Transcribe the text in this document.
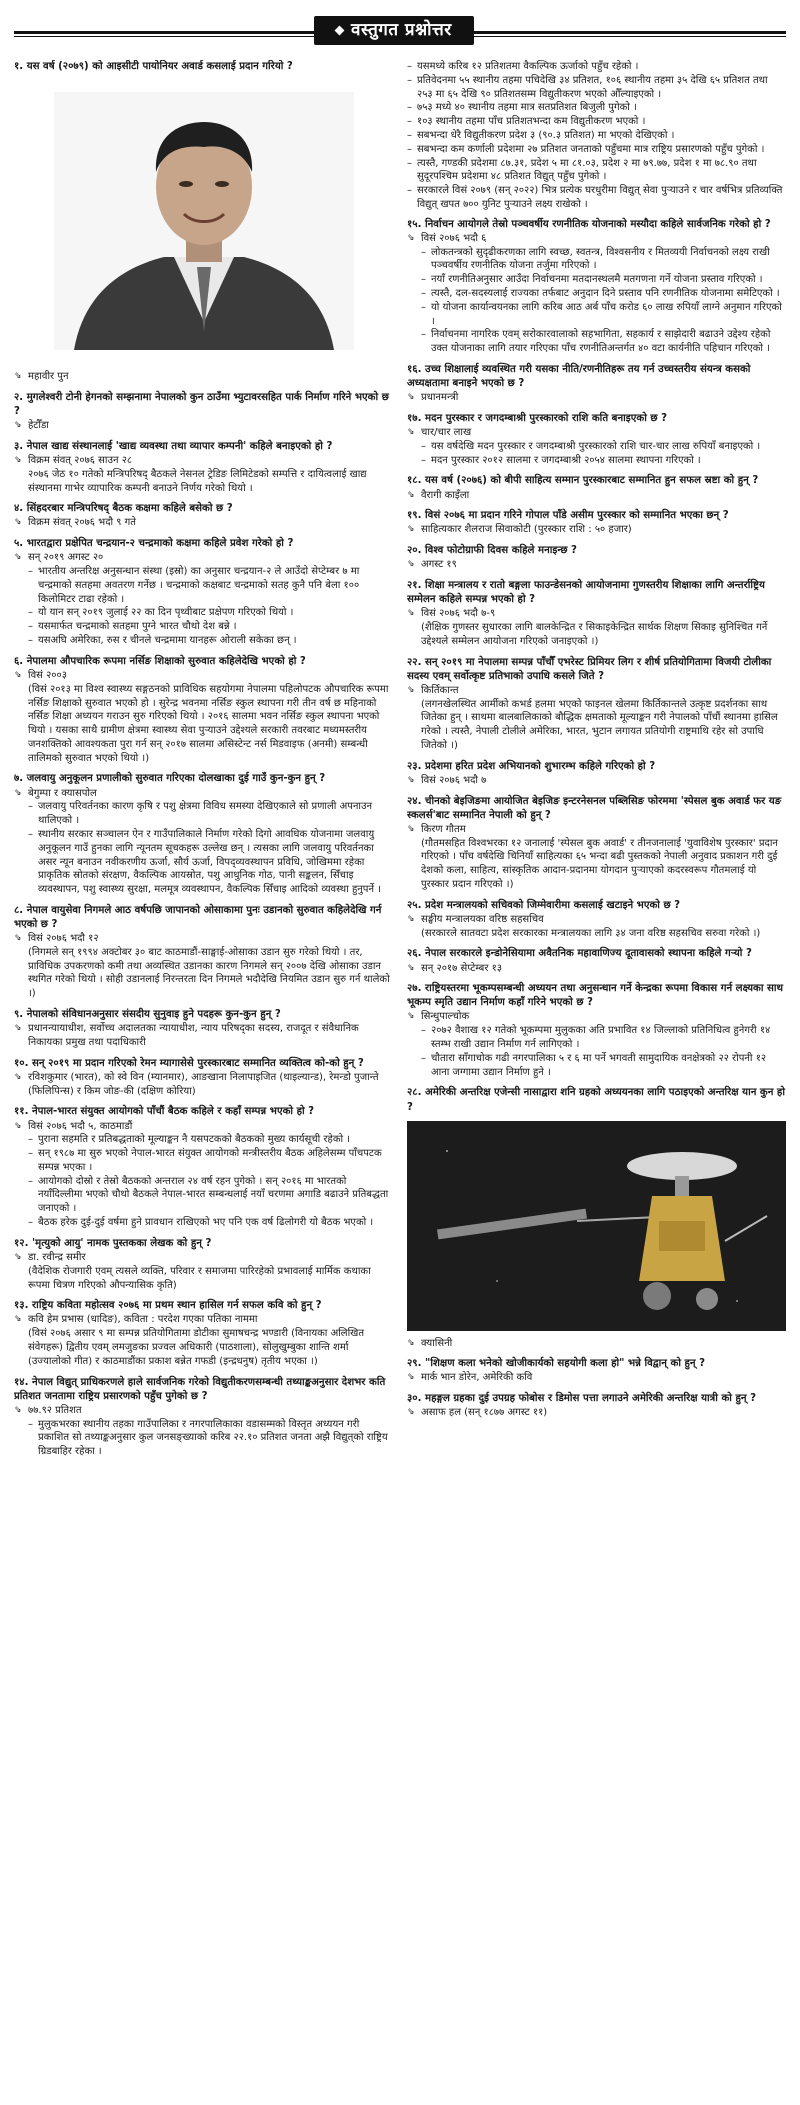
वस्तुगत प्रश्नोत्तर
१. यस वर्ष (२०७९) को आइसीटी पायोनियर अवार्ड कसलाई प्रदान गरियो ?
⇘ महावीर पुन
२. मुगलेश्वरी टोनी हेगनको सम्झनामा नेपालको कुन ठाउँमा भ्युटावरसहित पार्क निर्माण गरिने भएको छ ?
⇘ हेटौँडा
३. नेपाल खाद्य संस्थानलाई 'खाद्य व्यवस्था तथा व्यापार कम्पनी' कहिले बनाइएको हो ?
⇘ विक्रम संवत् २०७६ साउन २८
२०७६ जेठ १० गतेको मन्त्रिपरिषद् बैठकले नेसनल ट्रेडिङ लिमिटेडको सम्पत्ति र दायित्वलाई खाद्य संस्थानमा गाभेर व्यापारिक कम्पनी बनाउने निर्णय गरेको थियो ।
४. सिंहदरबार मन्त्रिपरिषद् बैठक कक्षमा कहिले बसेको छ ?
⇘ विक्रम संवत् २०७६ भदौ ९ गते
५. भारतद्वारा प्रक्षेपित चन्द्रयान-२ चन्द्रमाको कक्षमा कहिले प्रवेश गरेको हो ?
⇘ सन् २०१९ अगस्ट २०
– भारतीय अन्तरिक्ष अनुसन्धान संस्था (इस्रो) का अनुसार चन्द्रयान-२ ले आउँदो सेप्टेम्बर ७ मा चन्द्रमाको सतहमा अवतरण गर्नेछ । चन्द्रमाको कक्षबाट चन्द्रमाको सतह कुनै पनि बेला १०० किलोमिटर टाढा रहेको ।
– यो यान सन् २०१९ जुलाई २२ का दिन पृथ्वीबाट प्रक्षेपण गरिएको थियो ।
– यसमार्फत चन्द्रमाको सतहमा पुग्ने भारत चौथो देश बन्ने ।
– यसअघि अमेरिका, रुस र चीनले चन्द्रमामा यानहरू ओराली सकेका छन् ।
६. नेपालमा औपचारिक रूपमा नर्सिङ शिक्षाको सुरुवात कहिलेदेखि भएको हो ?
⇘ विसं २००३
(विसं २०१३ मा विश्व स्वास्थ्य सङ्गठनको प्राविधिक सहयोगमा नेपालमा पहिलोपटक औपचारिक रूपमा नर्सिङ शिक्षाको सुरुवात भएको हो । सुरेन्द्र भवनमा नर्सिङ स्कुल स्थापना गरी तीन वर्ष छ महिनाको नर्सिङ शिक्षा अध्ययन गराउन सुरु गरिएको थियो । २०१६ सालमा भवन नर्सिङ स्कुल स्थापना भएको थियो । यसका साथै ग्रामीण क्षेत्रमा स्वास्थ्य सेवा पुऱ्याउने उद्देश्यले सरकारी तवरबाट मध्यमस्तरीय जनशक्तिको आवश्यकता पुरा गर्न सन् २०१७ सालमा असिस्टेन्ट नर्स मिडवाइफ (अनमी) सम्बन्धी तालिमको सुरुवात भएको थियो ।)
७. जलवायु अनुकूलन प्रणालीको सुरुवात गरिएका दोलखाका दुई गाउँ कुन-कुन हुन् ?
⇘ बेगुम्पा र क्यासपोल
– जलवायु परिवर्तनका कारण कृषि र पशु क्षेत्रमा विविध समस्या देखिएकाले सो प्रणाली अपनाउन थालिएको ।
– स्थानीय सरकार सञ्चालन ऐन र गाउँपालिकाले निर्माण गरेको दिगो आवधिक योजनामा जलवायु अनुकूलन गाउँ हुनका लागि न्यूनतम सूचकहरू उल्लेख छन् । त्यसका लागि जलवायु परिवर्तनका असर न्यून बनाउन नवीकरणीय ऊर्जा, सौर्य ऊर्जा, विपद्‌व्यवस्थापन प्रविधि, जोखिममा रहेका प्राकृतिक स्रोतको संरक्षण, वैकल्पिक आयस्रोत, पशु आधुनिक गोठ, पानी सङ्कलन, सिँचाइ व्यवस्थापन, पशु स्वास्थ्य सुरक्षा, मलमूत्र व्यवस्थापन, वैकल्पिक सिँचाइ आदिको व्यवस्था हुनुपर्ने ।
८. नेपाल वायुसेवा निगमले आठ वर्षपछि जापानको ओसाकामा पुनः उडानको सुरुवात कहिलेदेखि गर्न भएको छ ?
⇘ विसं २०७६ भदौ १२
(निगमले सन् १९९४ अक्टोबर ३० बाट काठमाडौं-साङ्घाई-ओसाका उडान सुरु गरेको थियो । तर, प्राविधिक उपकरणको कमी तथा अव्यस्थित उडानका कारण निगमले सन् २००७ देखि ओसाका उडान स्थगित गरेको थियो । सोही उडानलाई निरन्तरता दिन निगमले भदौदेखि नियमित उडान सुरु गर्न थालेको ।)
९. नेपालको संविधानअनुसार संसदीय सुनुवाइ हुने पदहरू कुन-कुन हुन् ?
⇘ प्रधानन्यायाधीश, सर्वोच्च अदालतका न्यायाधीश, न्याय परिषद्का सदस्य, राजदूत र संवैधानिक निकायका प्रमुख तथा पदाधिकारी
१०. सन् २०१९ मा प्रदान गरिएको रेमन म्यागासेसे पुरस्कारबाट सम्मानित व्यक्तित्व को-को हुन् ?
⇘ रविशकुमार (भारत), को स्वे विन (म्यानमार), आङखाना निलापाइजित (थाइल्यान्ड), रेमन्डो पुजान्ते (फिलिपिन्स) र किम जोङ-की (दक्षिण कोरिया)
११. नेपाल-भारत संयुक्त आयोगको पाँचौं बैठक कहिले र कहाँ सम्पन्न भएको हो ?
⇘ विसं २०७६ भदौ ५, काठमाडौं
– पुराना सहमति र प्रतिबद्धताको मूल्याङ्कन नै यसपटकको बैठकको मुख्य कार्यसूची रहेको ।
– सन् १९८७ मा सुरु भएको नेपाल-भारत संयुक्त आयोगको मन्त्रीस्तरीय बैठक अहिलेसम्म पाँचपटक सम्पन्न भएका ।
– आयोगको दोस्रो र तेस्रो बैठकको अन्तराल २४ वर्ष रहन पुगेको । सन् २०१६ मा भारतको नयाँदिल्लीमा भएको चौथो बैठकले नेपाल-भारत सम्बन्धलाई नयाँ चरणमा अगाडि बढाउने प्रतिबद्धता जनाएको ।
– बैठक हरेक दुई-दुई वर्षमा हुने प्रावधान राखिएको भए पनि एक वर्ष ढिलोगरी यो बैठक भएको ।
१२. 'मृत्युको आयु' नामक पुस्तकका लेखक को हुन् ?
⇘ डा. रवीन्द्र समीर
(वैदेशिक रोजगारी एवम् त्यसले व्यक्ति, परिवार र समाजमा पारिरहेको प्रभावलाई मार्मिक कथाका रूपमा चित्रण गरिएको औपन्यासिक कृति)
१३. राष्ट्रिय कविता महोत्सव २०७६ मा प्रथम स्थान हासिल गर्न सफल कवि को हुन् ?
⇘ कवि हेम प्रभास (धादिङ), कविता : परदेश गएका पतिका नाममा
(विसं २०७६ असार ९ मा सम्पन्न प्रतियोगितामा डोटीका सुमाषचन्द्र भण्डारी (विनायका अलिखित संवेगहरू) द्वितीय एवम् लमजुङका प्रज्वल अधिकारी (पाठशाला), सोलुखुम्बुका शान्ति शर्मा (उज्यालोको गीत) र काठमाडौंका प्रकाश बन्नेत गफडी (इन्द्रधनुष) तृतीय भएका ।)
१४. नेपाल विद्युत् प्राधिकरणले हाले सार्वजनिक गरेको विद्युतीकरणसम्बन्धी तथ्याङ्कअनुसार देशभर कति प्रतिशत जनतामा राष्ट्रिय प्रसारणको पहुँच पुगेको छ ?
⇘ ७७.९२ प्रतिशत
– मुलुकभरका स्थानीय तहका गाउँपालिका र नगरपालिकाका वडासम्मको विस्तृत अध्ययन गरी प्रकाशित सो तथ्याङ्कअनुसार कुल जनसङ्ख्याको करिब २२.१० प्रतिशत जनता अझै विद्युत्‌को राष्ट्रिय ग्रिडबाहिर रहेका ।
– यसमध्ये करिब १२ प्रतिशतमा वैकल्पिक ऊर्जाको पहुँच रहेको ।
– प्रतिवेदनमा ५५ स्थानीय तहमा पचिदेखि ३४ प्रतिशत, १०६ स्थानीय तहमा ३५ देखि ६५ प्रतिशत तथा २५३ मा ६५ देखि ९० प्रतिशतसम्म विद्युतीकरण भएको औँल्याइएको ।
– ७५३ मध्ये ४० स्थानीय तहमा मात्र सतप्रतिशत बिजुली पुगेको ।
– १०३ स्थानीय तहमा पाँच प्रतिशतभन्दा कम विद्युतीकरण भएको ।
– सबभन्दा धेरै विद्युतीकरण प्रदेश ३ (९०.३ प्रतिशत) मा भएको देखिएको ।
– सबभन्दा कम कर्णाली प्रदेशमा २७ प्रतिशत जनताको पहुँचमा मात्र राष्ट्रिय प्रसारणको पहुँच पुगेको ।
– त्यस्तै, गण्डकी प्रदेशमा ८७.३१, प्रदेश ५ मा ८१.०३, प्रदेश २ मा ७९.७७, प्रदेश १ मा ७८.९० तथा सुदूरपश्चिम प्रदेशमा ४८ प्रतिशत विद्युत् पहुँच पुगेको ।
– सरकारले विसं २०७९ (सन् २०२२) भित्र प्रत्येक घरधुरीमा विद्युत् सेवा पुऱ्याउने र चार वर्षभित्र प्रतिव्यक्ति विद्युत् खपत ७०० युनिट पुऱ्याउने लक्ष्य राखेको ।
१५. निर्वाचन आयोगले तेस्रो पञ्चवर्षीय रणनीतिक योजनाको मस्यौदा कहिले सार्वजनिक गरेको हो ?
⇘ विसं २०७६ भदौ ६
– लोकतन्त्रको सुदृढीकरणका लागि स्वच्छ, स्वतन्त्र, विश्वसनीय र मितव्ययी निर्वाचनको लक्ष्य राखी पञ्चवर्षीय रणनीतिक योजना तर्जुमा गरिएको ।
– नयाँ रणनीतिअनुसार आउँदा निर्वाचनमा मतदानस्थलमै मतगणना गर्ने योजना प्रस्ताव गरिएको ।
– त्यस्तै, दल-सदस्यलाई राज्यका तर्फबाट अनुदान दिने प्रस्ताव पनि रणनीतिक योजनामा समेटिएको ।
– यो योजना कार्यान्वयनका लागि करिब आठ अर्ब पाँच करोड ६० लाख रुपियाँ लाग्ने अनुमान गरिएको ।
– निर्वाचनमा नागरिक एवम् सरोकारवालाको सहभागिता, सहकार्य र साझेदारी बढाउने उद्देश्य रहेको उक्त योजनाका लागि तयार गरिएका पाँच रणनीतिअन्तर्गत ४० वटा कार्यनीति पहिचान गरिएको ।
१६. उच्च शिक्षालाई व्यवस्थित गरी यसका नीति/रणनीतिहरू तय गर्न उच्चस्तरीय संयन्त्र कसको अध्यक्षतामा बनाइने भएको छ ?
⇘ प्रधानमन्त्री
१७. मदन पुरस्कार र जगदम्बाश्री पुरस्कारको राशि कति बनाइएको छ ?
⇘ चार/चार लाख
– यस वर्षदेखि मदन पुरस्कार र जगदम्बाश्री पुरस्कारको राशि चार-चार लाख रुपियाँ बनाइएको ।
– मदन पुरस्कार २०१२ सालमा र जगदम्बाश्री २०५४ सालमा स्थापना गरिएको ।
१८. यस वर्ष (२०७६) को बीपी साहित्य सम्मान पुरस्कारबाट सम्मानित हुन सफल स्रष्टा को हुन् ?
⇘ वैरागी काइँला
१९. विसं २०७६ मा प्रदान गरिने गोपाल पाँडे असीम पुरस्कार को सम्मानित भएका छन् ?
⇘ साहित्यकार शैलराज सिवाकोटी (पुरस्कार राशि : ५० हजार)
२०. विश्व फोटोग्राफी दिवस कहिले मनाइन्छ ?
⇘ अगस्ट १९
२१. शिक्षा मन्त्रालय र रातो बङ्गला फाउन्डेसनको आयोजनामा गुणस्तरीय शिक्षाका लागि अन्तर्राष्ट्रिय सम्मेलन कहिले सम्पन्न भएको हो ?
⇘ विसं २०७६ भदौ ७-९
(शैक्षिक गुणस्तर सुधारका लागि बालकेन्द्रित र सिकाइकेन्द्रित सार्थक शिक्षण सिकाइ सुनिश्चित गर्ने उद्देश्यले सम्मेलन आयोजना गरिएको जनाइएको ।)
२२. सन् २०१९ मा नेपालमा सम्पन्न पाँचौँ एभरेस्ट प्रिमियर लिग र शीर्ष प्रतियोगितामा विजयी टोलीका सदस्य एवम् सर्वोत्कृष्ट प्रतिभाको उपाधि कसले जिते ?
⇘ किर्तिकान्त
(लगनखेलस्थित आर्मीको कभर्ड हलमा भएको फाइनल खेलमा किर्तिकान्तले उत्कृष्ट प्रदर्शनका साथ जितेका हुन् । साथमा बालबालिकाको बौद्धिक क्षमताको मूल्याङ्कन गरी नेपालको पाँचौं स्थानमा हासिल गरेको । त्यस्तै, नेपाली टोलीले अमेरिका, भारत, भुटान लगायत प्रतियोगी राष्ट्रमाथि रहेर सो उपाधि जितेको ।)
२३. प्रदेशमा हरित प्रदेश अभियानको शुभारम्भ कहिले गरिएको हो ?
⇘ विसं २०७६ भदौ ७
२४. चीनको बेइजिङमा आयोजित बेइजिङ इन्टरनेसनल पब्लिसिङ फोरममा 'स्पेसल बुक अवार्ड फर यङ स्कलर्स'बाट सम्मानित नेपाली को हुन् ?
⇘ किरण गौतम
(गौतमसहित विश्वभरका १२ जनालाई 'स्पेसल बुक अवार्ड' र तीनजनालाई 'युवाविशेष पुरस्कार' प्रदान गरिएको । पाँच वर्षदेखि चिनियाँ साहित्यका ६५ भन्दा बढी पुस्तकको नेपाली अनुवाद प्रकाशन गरी दुई देशको कला, साहित्य, सांस्कृतिक आदान-प्रदानमा योगदान पुऱ्याएको कदरस्वरूप गौतमलाई यो पुरस्कार प्रदान गरिएको ।)
२५. प्रदेश मन्त्रालयको सचिवको जिम्मेवारीमा कसलाई खटाइने भएको छ ?
⇘ सङ्घीय मन्त्रालयका वरिष्ठ सहसचिव
(सरकारले सातवटा प्रदेश सरकारका मन्त्रालयका लागि ३४ जना वरिष्ठ सहसचिव सरुवा गरेको ।)
२६. नेपाल सरकारले इन्डोनेसियामा अवैतनिक महावाणिज्य दूतावासको स्थापना कहिले गऱ्यो ?
⇘ सन् २०१७ सेप्टेम्बर १३
२७. राष्ट्रियस्तरमा भूकम्पसम्बन्धी अध्ययन तथा अनुसन्धान गर्ने केन्द्रका रूपमा विकास गर्न लक्ष्यका साथ भूकम्प स्मृति उद्यान निर्माण कहाँ गरिने भएको छ ?
⇘ सिन्धुपाल्चोक
– २०७२ वैशाख १२ गतेको भूकम्पमा मुलुकका अति प्रभावित १४ जिल्लाको प्रतिनिधित्व हुनेगरी १४ स्तम्भ राखी उद्यान निर्माण गर्न लागिएको ।
– चौतारा साँगाचोक गढी नगरपालिका ५ र ६ मा पर्ने भगवती सामुदायिक वनक्षेत्रको २२ रोपनी १२ आना जग्गामा उद्यान निर्माण हुने ।
२८. अमेरिकी अन्तरिक्ष एजेन्सी नासाद्वारा शनि ग्रहको अध्ययनका लागि पठाइएको अन्तरिक्ष यान कुन हो ?
⇘ क्यासिनी
२९. "शिक्षण कला भनेको खोजीकार्यको सहयोगी कला हो" भन्ने विद्वान् को हुन् ?
⇘ मार्क भान डोरेन, अमेरिकी कवि
३०. महङ्गल ग्रहका दुई उपग्रह फोबोस र डिमोस पत्ता लगाउने अमेरिकी अन्तरिक्ष यात्री को हुन् ?
⇘ असाफ हल (सन् १८७७ अगस्ट ११)
